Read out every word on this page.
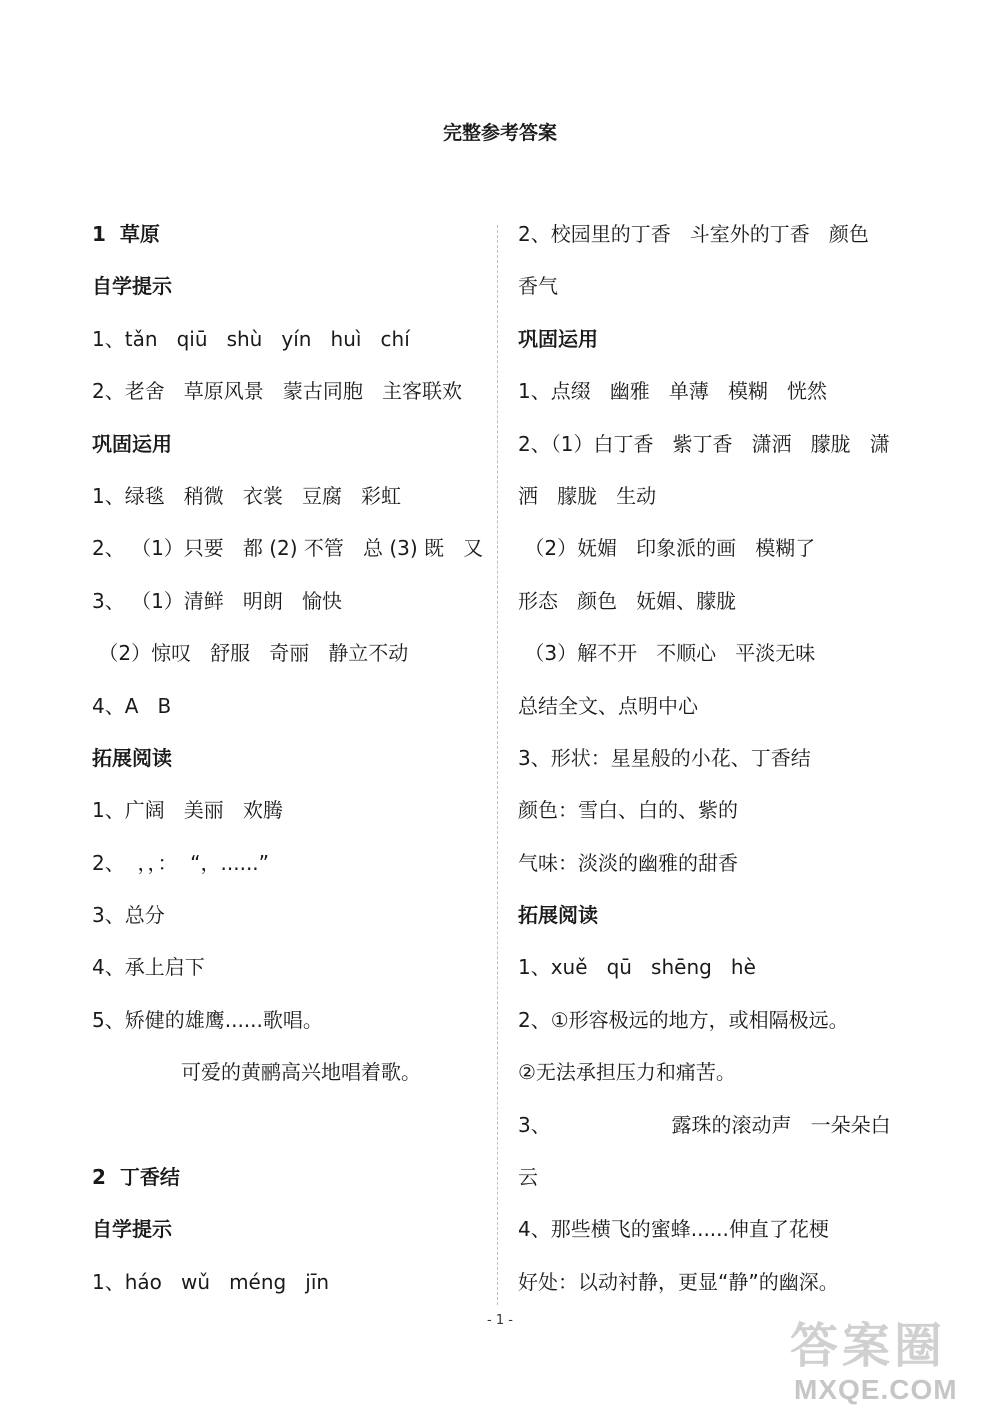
完整参考答案
1  草原
自学提示
1、tǎn   qiū   shù   yín   huì   chí
2、老舍   草原风景   蒙古同胞   主客联欢
巩固运用
1、绿毯   稍微   衣裳   豆腐   彩虹
2、 （1）只要   都 (2) 不管   总 (3) 既   又
3、 （1）清鲜   明朗   愉快
（2）惊叹   舒服   奇丽   静立不动
4、A   B
拓展阅读
1、广阔   美丽   欢腾
2、  ，，：  “，......”
3、总分
4、承上启下
5、矫健的雄鹰......歌唱。
可爱的黄鹂高兴地唱着歌。
2  丁香结
自学提示
1、háo   wǔ   méng   jīn
2、校园里的丁香   斗室外的丁香   颜色
香气
巩固运用
1、点缀   幽雅   单薄   模糊   恍然
2、（1）白丁香   紫丁香   潇洒   朦胧   潇
洒   朦胧   生动
（2）妩媚   印象派的画   模糊了
形态   颜色   妩媚、朦胧
（3）解不开   不顺心   平淡无味
总结全文、点明中心
3、形状：星星般的小花、丁香结
颜色：雪白、白的、紫的
气味：淡淡的幽雅的甜香
拓展阅读
1、xuě   qū   shēng   hè
2、①形容极远的地方，或相隔极远。
②无法承担压力和痛苦。
3、                   露珠的滚动声   一朵朵白
云
4、那些横飞的蜜蜂......伸直了花梗
好处：以动衬静，更显“静”的幽深。
- 1 -	答案圈
MXQE.COM
